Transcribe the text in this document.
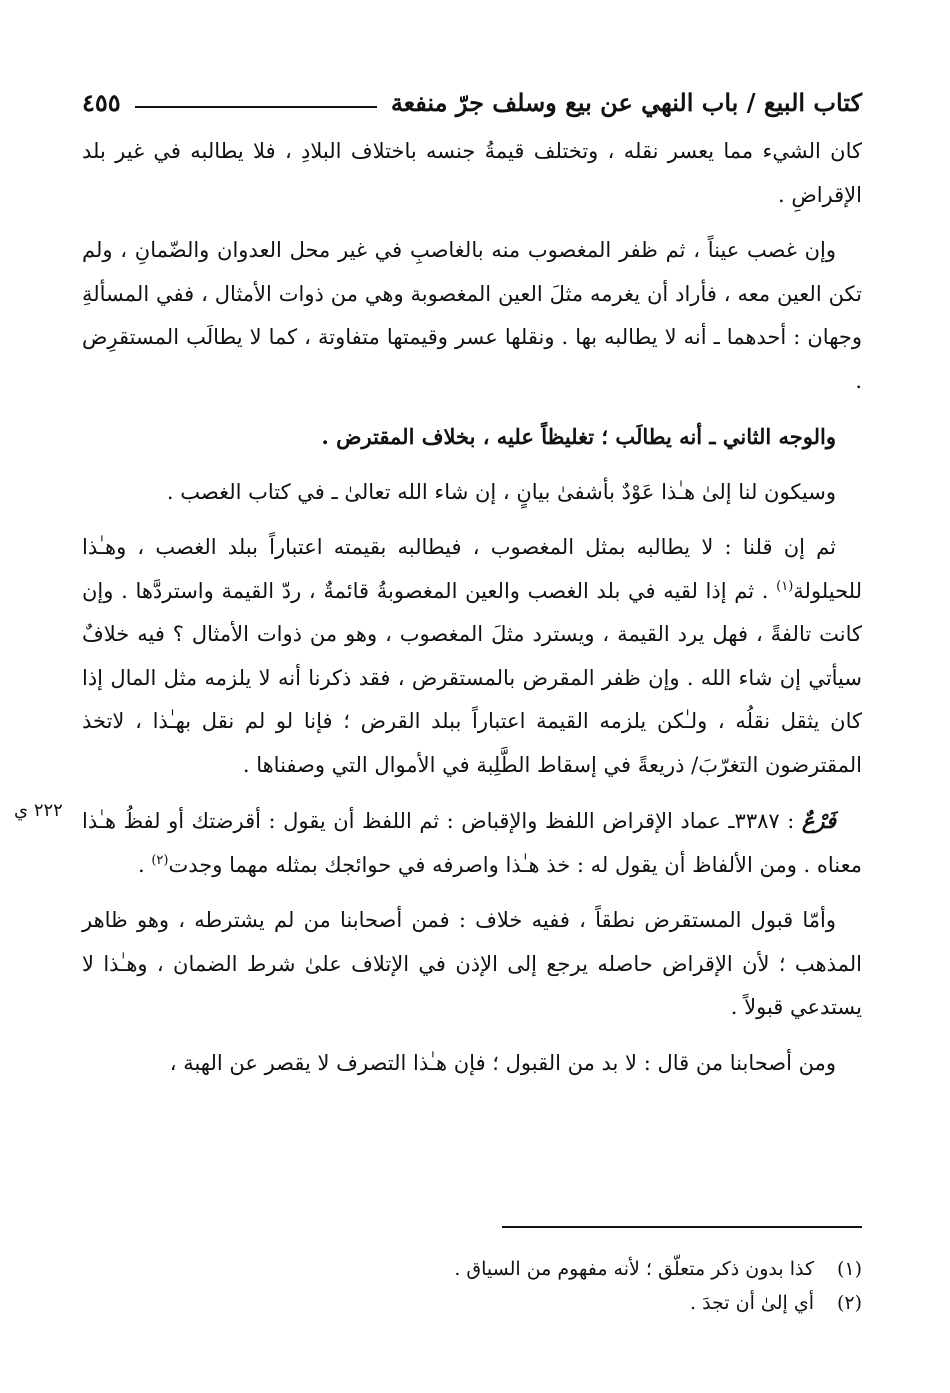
كتاب البيع / باب النهي عن بيع وسلف جرّ منفعة
٤٥٥

كان الشيء مما يعسر نقله ، وتختلف قيمةُ جنسه باختلاف البلادِ ، فلا يطالبه في غير بلد الإقراضِ .

وإن غصب عيناً ، ثم ظفر المغصوب منه بالغاصبِ في غير محل العدوان والضّمانِ ، ولم تكن العين معه ، فأراد أن يغرمه مثلَ العين المغصوبة وهي من ذوات الأمثال ، ففي المسألةِ وجهان : أحدهما ـ أنه لا يطالبه بها . ونقلها عسر وقيمتها متفاوتة ، كما لا يطالَب المستقرِض .

والوجه الثاني ـ أنه يطالَب ؛ تغليظاً عليه ، بخلاف المقترض .

وسيكون لنا إلىٰ هـٰذا عَوْدٌ بأشفىٰ بيانٍ ، إن شاء الله تعالىٰ ـ في كتاب الغصب .

ثم إن قلنا : لا يطالبه بمثل المغصوب ، فيطالبه بقيمته اعتباراً ببلد الغصب ، وهـٰذا للحيلولة$^{(١)}$ . ثم إذا لقيه في بلد الغصب والعين المغصوبةُ قائمةٌ ، ردّ القيمة واستردَّها . وإن كانت تالفةً ، فهل يرد القيمة ، ويسترد مثلَ المغصوب ، وهو من ذوات الأمثال ؟ فيه خلافٌ سيأتي إن شاء الله . وإن ظفر المقرض بالمستقرض ، فقد ذكرنا أنه لا يلزمه مثل المال إذا كان يثقل نقلُه ، ولـٰكن يلزمه القيمة اعتباراً ببلد القرض ؛ فإنا لو لم نقل بهـٰذا ، لاتخذ المقترضون التغرّبَ/ ذريعةً في إسقاط الطَّلِبة في الأموال التي وصفناها .

فَرْعٌ : ٣٣٨٧ـ عماد الإقراض اللفظ والإقباض : ثم اللفظ أن يقول : أقرضتك أو لفظُ هـٰذا معناه . ومن الألفاظ أن يقول له : خذ هـٰذا واصرفه في حوائجك بمثله مهما وجدت$^{(٢)}$ .

وأمّا قبول المستقرض نطقاً ، ففيه خلاف : فمن أصحابنا من لم يشترطه ، وهو ظاهر المذهب ؛ لأن الإقراض حاصله يرجع إلى الإذن في الإتلاف علىٰ شرط الضمان ، وهـٰذا لا يستدعي قبولاً .

ومن أصحابنا من قال : لا بد من القبول ؛ فإن هـٰذا التصرف لا يقصر عن الهبة ،

٢٢٢ ي
(١)
كذا بدون ذكر متعلّق ؛ لأنه مفهوم من السياق .
(٢)
أي إلىٰ أن تجدَ .
